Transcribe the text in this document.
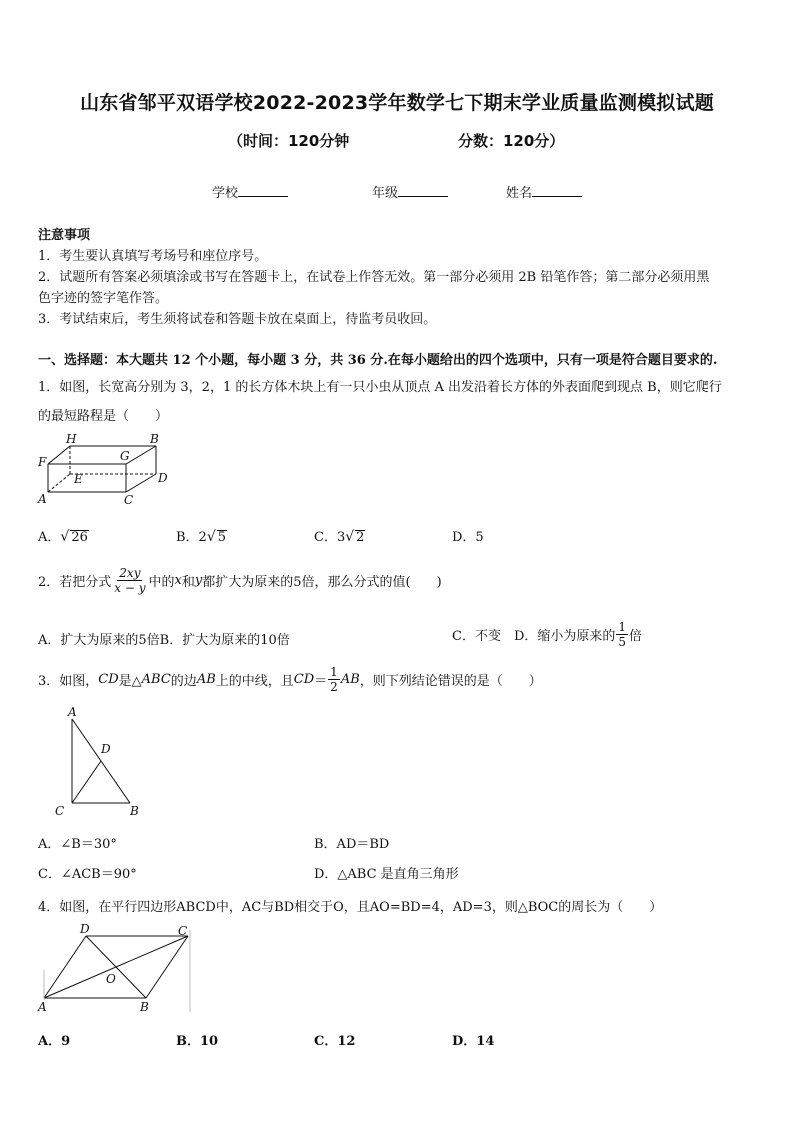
山东省邹平双语学校2022-2023学年数学七下期末学业质量监测模拟试题
（时间：120分钟	分数：120分）
学校	年级	姓名
注意事项
1．考生要认真填写考场号和座位序号。
2．试题所有答案必须填涂或书写在答题卡上，在试卷上作答无效。第一部分必须用 2B 铅笔作答；第二部分必须用黑
色字迹的签字笔作答。
3．考试结束后，考生须将试卷和答题卡放在桌面上，待监考员收回。
一、选择题：本大题共 12 个小题，每小题 3 分，共 36 分.在每小题给出的四个选项中，只有一项是符合题目要求的.
1．如图，长宽高分别为 3，2，1 的长方体木块上有一只小虫从顶点 A 出发沿着长方体的外表面爬到现点 B，则它爬行
的最短路程是（　　）
H	B
G
F
E	D
A	C
A．√ 26	B．2√ 5	C．3√ 2	D．5
2．若把分式 $\frac{2xy}{x - y}$ 中的 x 和 y 都扩大为原来的5倍，那么分式的值(　　)
A．扩大为原来的5倍B．扩大为原来的10倍	C．不变　D．缩小为原来的 $\frac{1}{5}$ 倍
3．如图， CD 是△ ABC 的边 AB 上的中线，且 CD ＝ $\frac{1}{2}$ AB ，则下列结论错误的是（　　）
A
D
C	B
A．∠B＝30°	B．AD＝BD
C．∠ACB＝90°	D．△ABC 是直角三角形
4．如图，在平行四边形ABCD中，AC与BD相交于O，且AO=BD=4，AD=3，则△BOC的周长为（　　）
D	C
O
A	B
A．9	B．10	C．12	D．14
